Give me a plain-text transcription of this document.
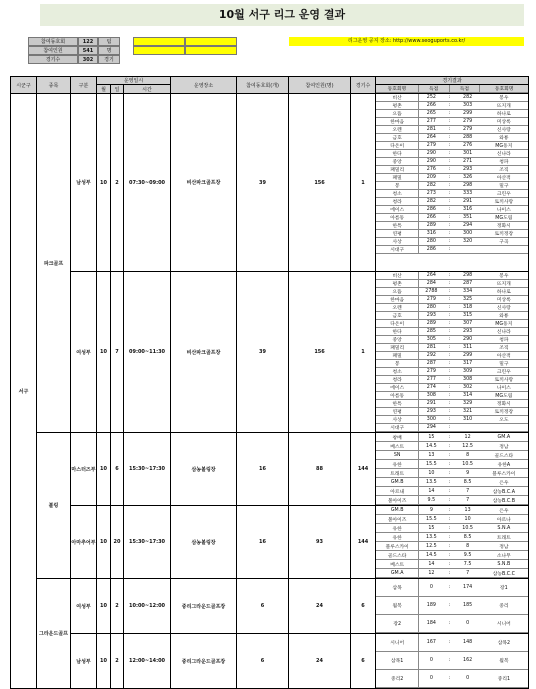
10월 서구 리그 운영 결과
참여동호회	122	팀
참여인원	541	명
경기수	302	경기
리그운영 공지 장소: http://www.seoguports.co.kr/
시군구	종목	구분	운영일시	운영장소	참여동호회(개)	참여인원(명)	경기수	경기결과
월	일	시간		동호회명	득점	득점	동호회명

서구	파크골프	남성부	10	2	07:30~09:00	비산파크골프장	39	156	1	
비산	252	:	282	봉우
평촌	266	:	303	뜨지개
으뜸	265	:	299	하나로
한마음	277	:	279	미상록
오렌	281	:	279	신사랑
금호	264	:	288	와룡
다온이	279	:	276	MG동지
한다	290	:	301	신나라
중앙	290	:	271	청파
패밀리	276	:	293	조직
패밀	209	:	326	아산적
봉	282	:	298	밀구
청소	273	:	333	크린우
청라	282	:	291	토끼사랑
에이스	286	:	316	나이스
아름동	266	:	351	MG도림
한특	289	:	294	정화시
연평	316	:	300	토끼정장
사상	280	:	320	구곡
시대구	286	:		

여성부	10	7	09:00~11:30	비산파크골프장	39	156	1	
비산	264	:	298	봉우
평촌	284	:	287	뜨지개
으뜸	2788	:	334	하나로
한마음	279	:	325	미상록
오렌	280	:	318	신사랑
금호	293	:	315	와룡
다온이	289	:	307	MG동지
한다	285	:	293	신나라
중앙	305	:	290	청파
패밀리	281	:	311	조직
패밀	292	:	299	아산적
봉	287	:	317	밀구
청소	279	:	309	크린우
청라	277	:	308	토끼사랑
에이스	274	:	302	나이스
아름동	308	:	314	MG도림
한특	291	:	329	정화시
연평	293	:	321	토끼정장
사상	300	:	310	오도
시대구	294	:		

볼링	마스터즈부	10	6	15:30~17:30	삼농볼링장	16	88	144	
창배	15	:	12	GM.A
베스트	14.5	:	12.5	정남
SN	13	:	8	골드스타
유한	15.5	:	10.5	유한A
트래트	10	:	9	블루스카이
GM.B	13.5	:	8.5	은우
아르내	14	:	7	삼농B.C.A
볼아이즈	9.5	:	7	삼농B.C.B

아마추어부	10	20	15:30~17:30	삼농볼링장	16	93	144	
GM.B	9	:	13	은우
볼아이즈	15.5	:	10	아르나
유한	15	:	10.5	S.N.A
유한	13.5	:	8.5	트래트
블루스카이	12.5	:	8	정남
골드스타	14.5	:	9.5	소나무
베스트	14	:	7.5	S.N.B
GM.A	12	:	7	삼농B.C.C

그라운드골프	여성부	10	2	10:00~12:00	중리그라운드골프장	6	24	6	
삼목	0	:	174	장1
월복	189	:	185	중리
장2	184	:	0	시니어

남성부	10	2	12:00~14:00	중리그라운드골프장	6	24	6	
시니어	167	:	148	삼목2
삼목1	0	:	162	월복
중리2	0	:	0	중리1
